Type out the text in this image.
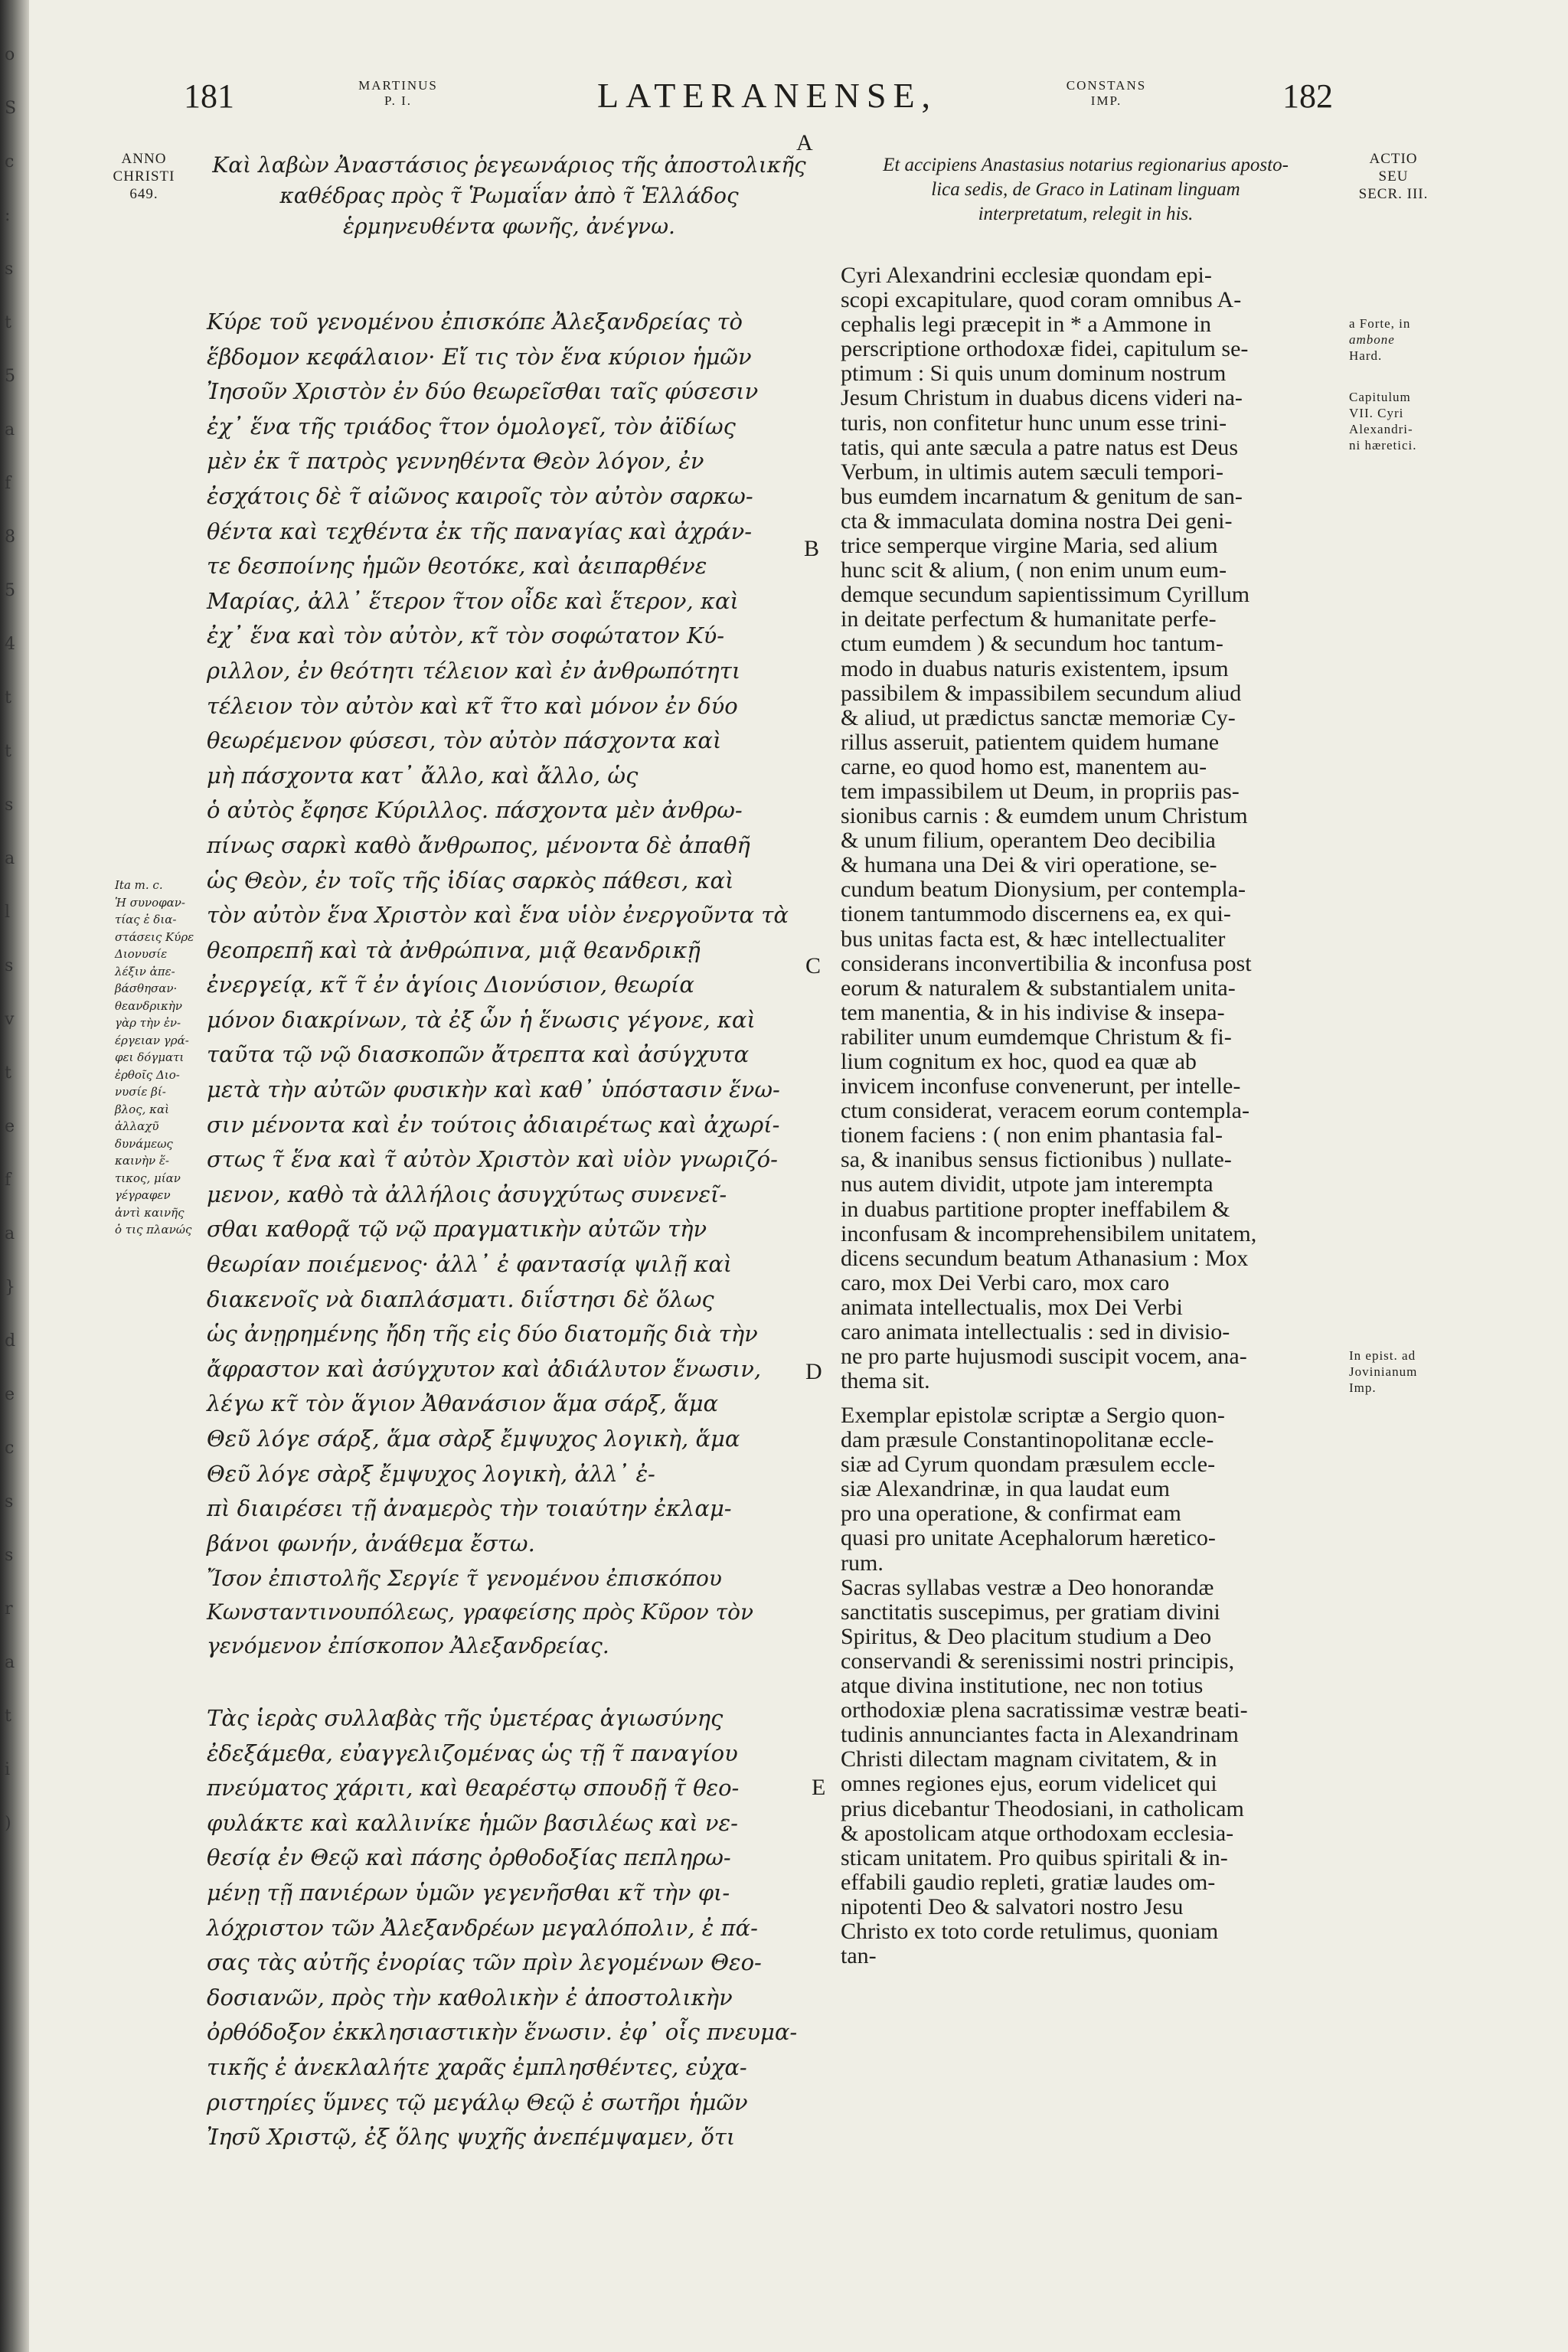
o
S
c
:
s
t
5
a
f
8
5
4
t
t
s
a
l
s
v
t
e
f
a
}
d
e
c
s
s
r
a
t
i
)
181	MARTINUS
P. I.	LATERANENSE,	CONSTANS
IMP.	182
A
B
C
D
E
ANNO
CHRISTI
649.
ACTIO
SEU
SECR. III.
a Forte, in
ambone
Hard.
Capitulum
VII. Cyri
Alexandri-
ni hæretici.
In epist. ad
Jovinianum
Imp.
Καὶ λαβὼν Ἀναστάσιος ῥεγεωνάριος τῆς ἀποστολικῆς
καθέδρας πρὸς τ̃ Ῥωμαΐαν ἀπὸ τ̃ Ἑλλάδος
ἑρμηνευθέντα φωνῆς, ἀνέγνω.
Κύρε τοῦ γενομένου ἐπισκόπε Ἀλεξανδρείας τὸ
ἕβδομον κεφάλαιον· Εἴ τις τὸν ἕνα κύριον ἡμῶν
Ἰησοῦν Χριστὸν ἐν δύο θεωρεῖσθαι ταῖς φύσεσιν
ἐχ᾽ ἕνα τῆς τριάδος τ̃τον ὁμολογεῖ, τὸν ἀϊδίως
μὲν ἐκ τ̃ πατρὸς γεννηθέντα Θεὸν λόγον, ἐν
ἐσχάτοις δὲ τ̃ αἰῶνος καιροῖς τὸν αὐτὸν σαρκω-
θέντα καὶ τεχθέντα ἐκ τῆς παναγίας καὶ ἀχράν-
τε δεσποίνης ἡμῶν θεοτόκε, καὶ ἀειπαρθένε
Μαρίας, ἀλλ᾽ ἕτερον τ̃τον οἶδε καὶ ἕτερον, καὶ
ἐχ᾽ ἕνα καὶ τὸν αὐτὸν, κτ̃ τὸν σοφώτατον Κύ-
ριλλον, ἐν θεότητι τέλειον καὶ ἐν ἀνθρωπότητι
τέλειον τὸν αὐτὸν καὶ κτ̃ τ̃το καὶ μόνον ἐν δύο
θεωρέμενον φύσεσι, τὸν αὐτὸν πάσχοντα καὶ
μὴ πάσχοντα κατ᾽ ἄλλο, καὶ ἄλλο, ὡς
ὁ αὐτὸς ἔφησε Κύριλλος. πάσχοντα μὲν ἀνθρω-
πίνως σαρκὶ καθὸ ἄνθρωπος, μένοντα δὲ ἀπαθῆ
ὡς Θεὸν, ἐν τοῖς τῆς ἰδίας σαρκὸς πάθεσι, καὶ
τὸν αὐτὸν ἕνα Χριστὸν καὶ ἕνα υἱὸν ἐνεργοῦντα τὰ
θεοπρεπῆ καὶ τὰ ἀνθρώπινα, μιᾷ θεανδρικῇ
ἐνεργείᾳ, κτ̃ τ̃ ἐν ἁγίοις Διονύσιον, θεωρία
μόνον διακρίνων, τὰ ἐξ ὧν ἡ ἕνωσις γέγονε, καὶ
ταῦτα τῷ νῷ διασκοπῶν ἄτρεπτα καὶ ἀσύγχυτα
μετὰ τὴν αὐτῶν φυσικὴν καὶ καθ᾽ ὑπόστασιν ἕνω-
σιν μένοντα καὶ ἐν τούτοις ἀδιαιρέτως καὶ ἀχωρί-
στως τ̃ ἕνα καὶ τ̃ αὐτὸν Χριστὸν καὶ υἱὸν γνωριζό-
μενον, καθὸ τὰ ἀλλήλοις ἀσυγχύτως συνενεῖ-
σθαι καθορᾷ τῷ νῷ πραγματικὴν αὐτῶν τὴν
θεωρίαν ποιέμενος· ἀλλ᾽ ἐ φαντασίᾳ ψιλῇ καὶ
διακενοῖς νὰ διαπλάσματι. διΐστησι δὲ ὅλως
ὡς ἀνῃρημένης ἤδη τῆς εἰς δύο διατομῆς διὰ τὴν
ἄφραστον καὶ ἀσύγχυτον καὶ ἀδιάλυτον ἕνωσιν,
λέγω κτ̃ τὸν ἅγιον Ἀθανάσιον ἅμα σάρξ, ἅμα
Θεῦ λόγε σάρξ, ἅμα σὰρξ ἔμψυχος λογικὴ, ἅμα
Θεῦ λόγε σὰρξ ἔμψυχος λογικὴ, ἀλλ᾽ ἐ-
πὶ διαιρέσει τῇ ἀναμερὸς τὴν τοιαύτην ἐκλαμ-
βάνοι φωνήν, ἀνάθεμα ἔστω.
Ita m. c.
Ἡ συνοφαν-
τίας ἐ δια-
στάσεις Κύρε
Διονυσίε
λέξιν ἀπε-
βάσθησαν·
θεανδρικὴν
γὰρ τὴν ἐν-
έργειαν γρά-
φει δόγματι
ἐρθοῖς Διο-
νυσίε βί-
βλος, καὶ
ἀλλαχῦ
δυνάμεως
καινὴν ἕ-
τικος, μίαν
γέγραφεν
ἀντὶ καινῆς
ὁ τις πλανώς
Ἴσον ἐπιστολῆς Σεργίε τ̃ γενομένου ἐπισκόπου
Κωνσταντινουπόλεως, γραφείσης πρὸς Κῦρον τὸν
γενόμενον ἐπίσκοπον Ἀλεξανδρείας.
Τὰς ἱερὰς συλλαβὰς τῆς ὑμετέρας ἁγιωσύνης
ἐδεξάμεθα, εὐαγγελιζομένας ὡς τῇ τ̃ παναγίου
πνεύματος χάριτι, καὶ θεαρέστῳ σπουδῇ τ̃ θεο-
φυλάκτε καὶ καλλινίκε ἡμῶν βασιλέως καὶ νε-
θεσίᾳ ἐν Θεῷ καὶ πάσης ὀρθοδοξίας πεπληρω-
μένῃ τῇ πανιέρων ὑμῶν γεγενῆσθαι κτ̃ τὴν φι-
λόχριστον τῶν Ἀλεξανδρέων μεγαλόπολιν, ἐ πά-
σας τὰς αὐτῆς ἐνορίας τῶν πρὶν λεγομένων Θεο-
δοσιανῶν, πρὸς τὴν καθολικὴν ἐ ἀποστολικὴν
ὀρθόδοξον ἐκκλησιαστικὴν ἕνωσιν. ἐφ᾽ οἷς πνευμα-
τικῆς ἐ ἀνεκλαλήτε χαρᾶς ἐμπλησθέντες, εὐχα-
ριστηρίες ὕμνες τῷ μεγάλῳ Θεῷ ἐ σωτῆρι ἡμῶν
Ἰησῦ Χριστῷ, ἐξ ὅλης ψυχῆς ἀνεπέμψαμεν, ὅτι
Et accipiens Anastasius notarius regionarius aposto-
lica sedis, de Graco in Latinam linguam
interpretatum, relegit in his.
Cyri Alexandrini ecclesiæ quondam epi-
scopi excapitulare, quod coram omnibus A-
cephalis legi præcepit in * a Ammone in
perscriptione orthodoxæ fidei, capitulum se-
ptimum : Si quis unum dominum nostrum
Jesum Christum in duabus dicens videri na-
turis, non confitetur hunc unum esse trini-
tatis, qui ante sæcula a patre natus est Deus
Verbum, in ultimis autem sæculi tempori-
bus eumdem incarnatum & genitum de san-
cta & immaculata domina nostra Dei geni-
trice semperque virgine Maria, sed alium
hunc scit & alium, ( non enim unum eum-
demque secundum sapientissimum Cyrillum
in deitate perfectum & humanitate perfe-
ctum eumdem ) & secundum hoc tantum-
modo in duabus naturis existentem, ipsum
passibilem & impassibilem secundum aliud
& aliud, ut prædictus sanctæ memoriæ Cy-
rillus asseruit, patientem quidem humane
carne, eo quod homo est, manentem au-
tem impassibilem ut Deum, in propriis pas-
sionibus carnis : & eumdem unum Christum
& unum filium, operantem Deo decibilia
& humana una Dei & viri operatione, se-
cundum beatum Dionysium, per contempla-
tionem tantummodo discernens ea, ex qui-
bus unitas facta est, & hæc intellectualiter
considerans inconvertibilia & inconfusa post
eorum & naturalem & substantialem unita-
tem manentia, & in his indivise & insepa-
rabiliter unum eumdemque Christum & fi-
lium cognitum ex hoc, quod ea quæ ab
invicem inconfuse convenerunt, per intelle-
ctum considerat, veracem eorum contempla-
tionem faciens : ( non enim phantasia fal-
sa, & inanibus sensus fictionibus ) nullate-
nus autem dividit, utpote jam interempta
in duabus partitione propter ineffabilem &
inconfusam & incomprehensibilem unitatem,
dicens secundum beatum Athanasium : Mox
caro, mox Dei Verbi caro, mox caro
animata intellectualis, mox Dei Verbi
caro animata intellectualis : sed in divisio-
ne pro parte hujusmodi suscipit vocem, ana-
thema sit.
Exemplar epistolæ scriptæ a Sergio quon-
dam præsule Constantinopolitanæ eccle-
siæ ad Cyrum quondam præsulem eccle-
siæ Alexandrinæ, in qua laudat eum
pro una operatione, & confirmat eam
quasi pro unitate Acephalorum hæretico-
rum.
Sacras syllabas vestræ a Deo honorandæ
sanctitatis suscepimus, per gratiam divini
Spiritus, & Deo placitum studium a Deo
conservandi & serenissimi nostri principis,
atque divina institutione, nec non totius
orthodoxiæ plena sacratissimæ vestræ beati-
tudinis annunciantes facta in Alexandrinam
Christi dilectam magnam civitatem, & in
omnes regiones ejus, eorum videlicet qui
prius dicebantur Theodosiani, in catholicam
& apostolicam atque orthodoxam ecclesia-
sticam unitatem. Pro quibus spiritali & in-
effabili gaudio repleti, gratiæ laudes om-
nipotenti Deo & salvatori nostro Jesu
Christo ex toto corde retulimus, quoniam
tan-
